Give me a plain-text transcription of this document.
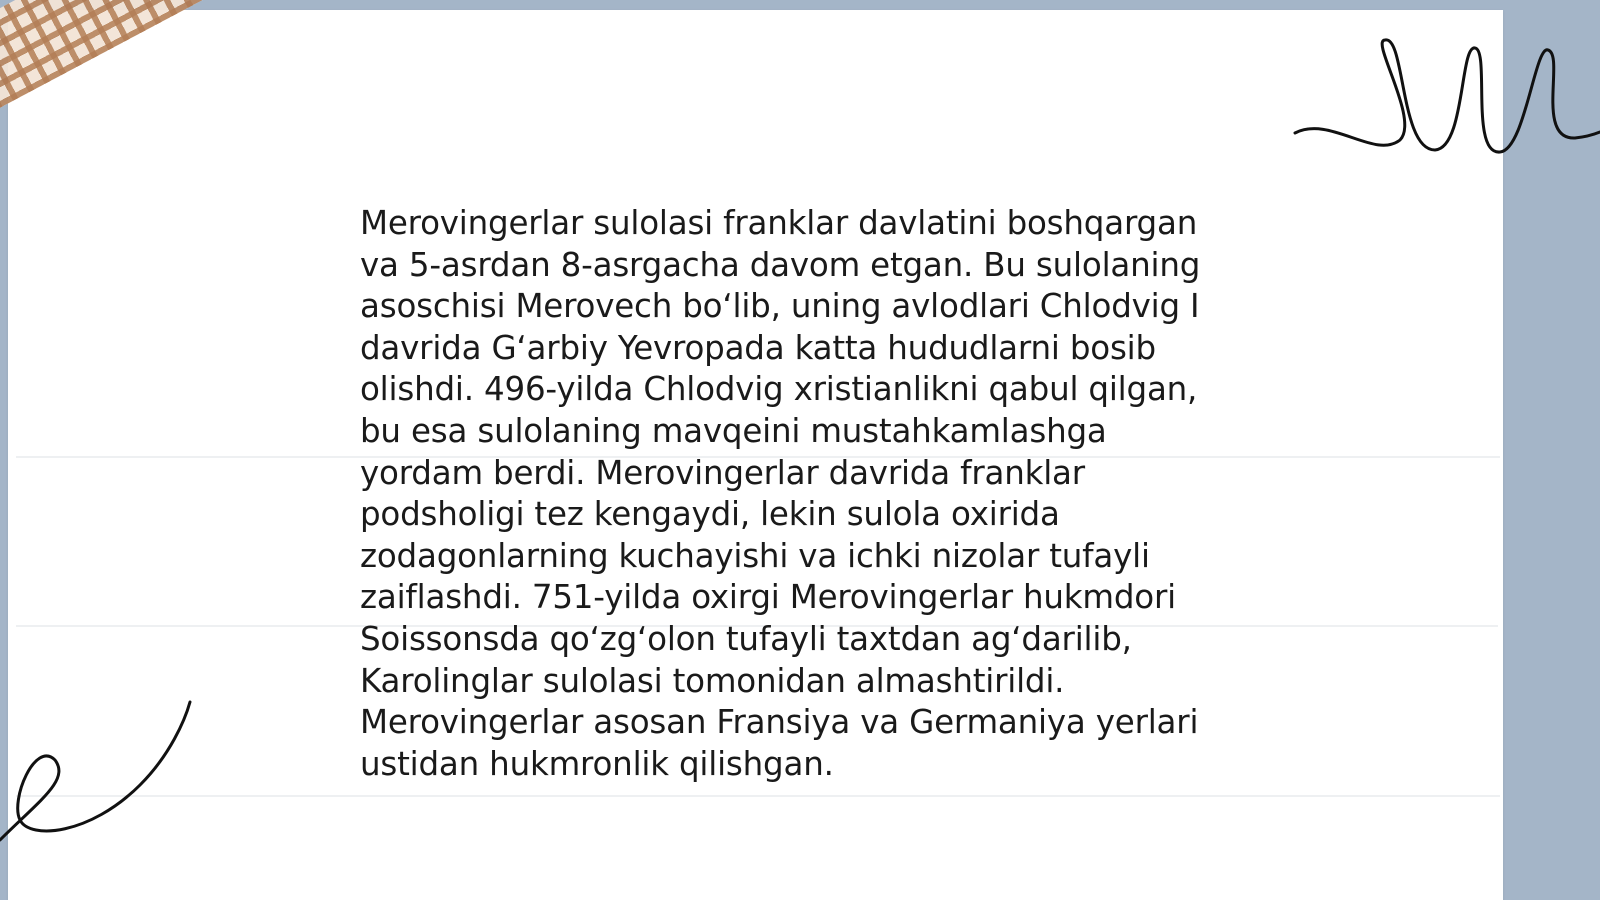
Merovingerlar sulolasi franklar davlatini boshqargan
va 5-asrdan 8-asrgacha davom etgan. Bu sulolaning
asoschisi Merovech bo‘lib, uning avlodlari Chlodvig I
davrida G‘arbiy Yevropada katta hududlarni bosib
olishdi. 496-yilda Chlodvig xristianlikni qabul qilgan,
bu esa sulolaning mavqeini mustahkamlashga
yordam berdi. Merovingerlar davrida franklar
podsholigi tez kengaydi, lekin sulola oxirida
zodagonlarning kuchayishi va ichki nizolar tufayli
zaiflashdi. 751-yilda oxirgi Merovingerlar hukmdori
Soissonsda qo‘zg‘olon tufayli taxtdan ag‘darilib,
Karolinglar sulolasi tomonidan almashtirildi.
Merovingerlar asosan Fransiya va Germaniya yerlari
ustidan hukmronlik qilishgan.
